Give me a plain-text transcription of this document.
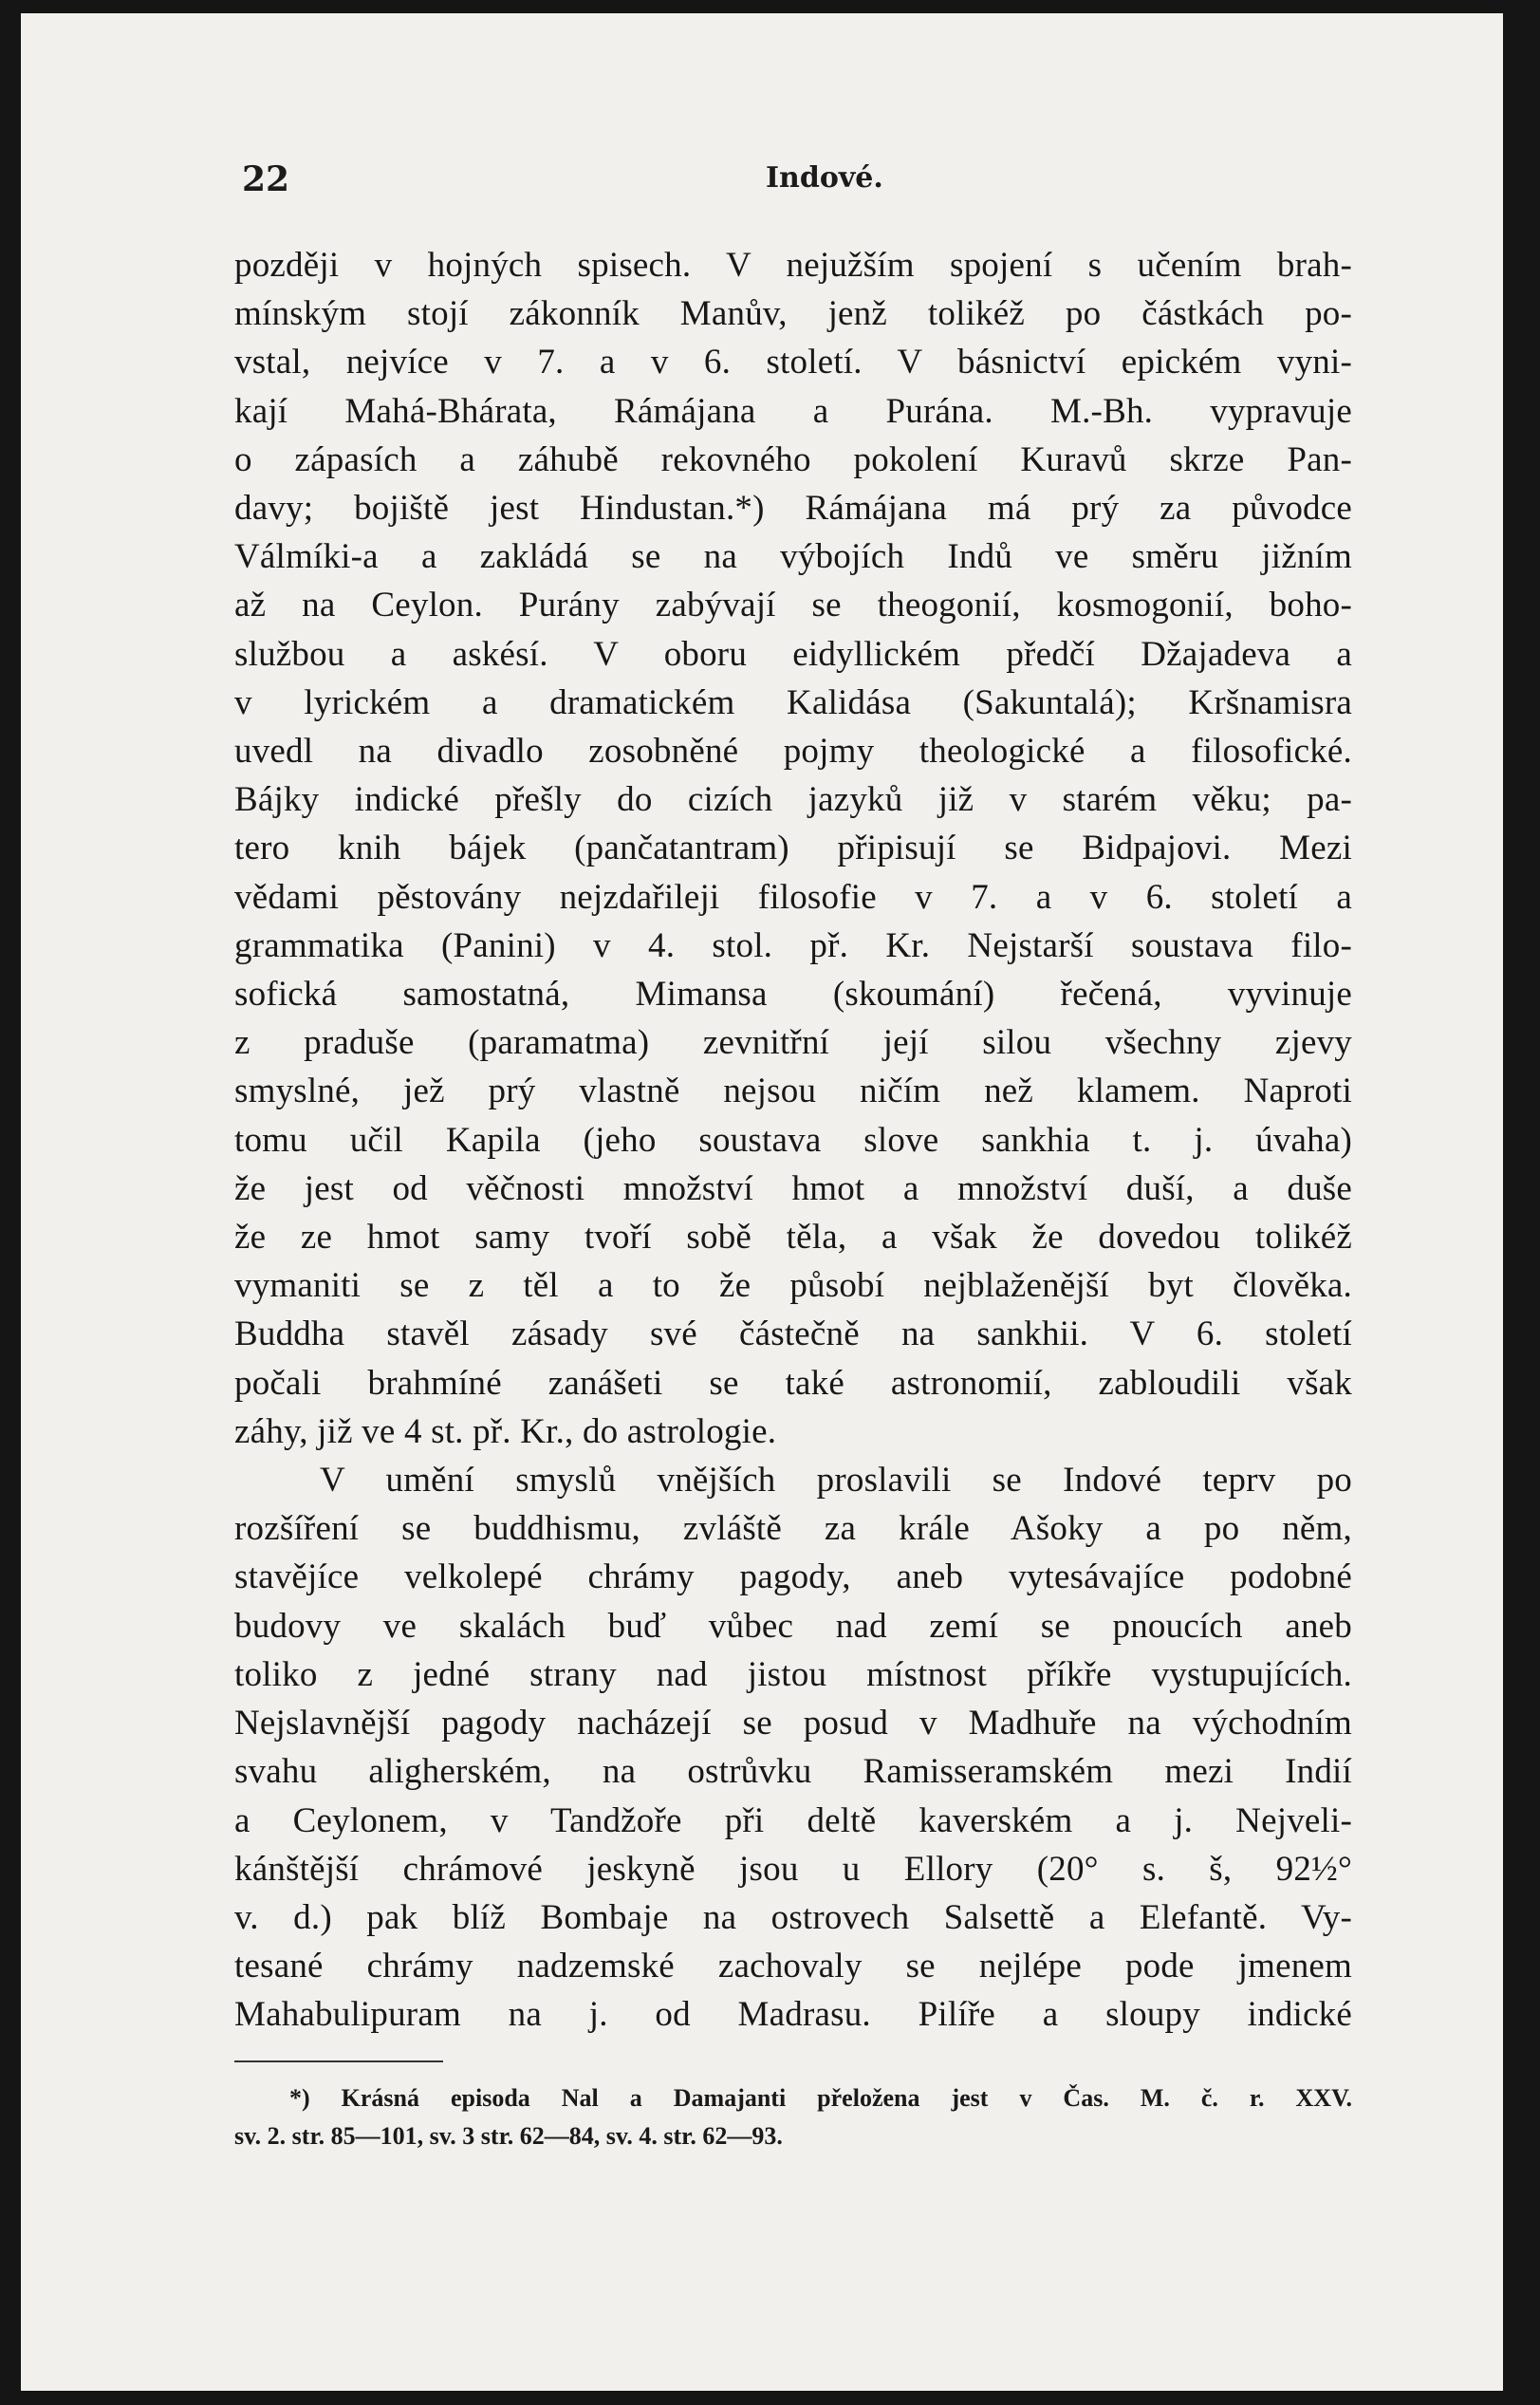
22	Indové.

později v hojných spisech. V nejužším spojení s učením brah-
mínským stojí zákonník Manův, jenž tolikéž po částkách po-
vstal, nejvíce v 7. a v 6. století. V básnictví epickém vyni-
kají Mahá-Bhárata, Rámájana a Purána. M.-Bh. vypravuje
o zápasích a záhubě rekovného pokolení Kuravů skrze Pan-
davy; bojiště jest Hindustan.*) Rámájana má prý za původce
Válmíki-a a zakládá se na výbojích Indů ve směru jižním
až na Ceylon. Purány zabývají se theogonií, kosmogonií, boho-
službou a askésí. V oboru eidyllickém předčí Džajadeva a
v lyrickém a dramatickém Kalidása (Sakuntalá); Kršnamisra
uvedl na divadlo zosobněné pojmy theologické a filosofické.
Bájky indické přešly do cizích jazyků již v starém věku; pa-
tero knih bájek (pančatantram) připisují se Bidpajovi. Mezi
vědami pěstovány nejzdařileji filosofie v 7. a v 6. století a
grammatika (Panini) v 4. stol. př. Kr. Nejstarší soustava filo-
sofická samostatná, Mimansa (skoumání) řečená, vyvinuje
z praduše (paramatma) zevnitřní její silou všechny zjevy
smyslné, jež prý vlastně nejsou ničím než klamem. Naproti
tomu učil Kapila (jeho soustava slove sankhia t. j. úvaha)
že jest od věčnosti množství hmot a množství duší, a duše
že ze hmot samy tvoří sobě těla, a však že dovedou tolikéž
vymaniti se z těl a to že působí nejblaženější byt člověka.
Buddha stavěl zásady své částečně na sankhii. V 6. století
počali brahmíné zanášeti se také astronomií, zabloudili však
záhy, již ve 4 st. př. Kr., do astrologie.

V umění smyslů vnějších proslavili se Indové teprv po
rozšíření se buddhismu, zvláště za krále Ašoky a po něm,
stavějíce velkolepé chrámy pagody, aneb vytesávajíce podobné
budovy ve skalách buď vůbec nad zemí se pnoucích aneb
toliko z jedné strany nad jistou místnost příkře vystupujících.
Nejslavnější pagody nacházejí se posud v Madhuře na východním
svahu aligherském, na ostrůvku Ramisseramském mezi Indií
a Ceylonem, v Tandžoře při deltě kaverském a j. Nejveli-
kánštější chrámové jeskyně jsou u Ellory (20° s. š, 92½°
v. d.) pak blíž Bombaje na ostrovech Salsettě a Elefantě. Vy-
tesané chrámy nadzemské zachovaly se nejlépe pode jmenem
Mahabulipuram na j. od Madrasu. Pilíře a sloupy indické

*) Krásná episoda Nal a Damajanti přeložena jest v Čas. M. č. r. XXV.
sv. 2. str. 85—101, sv. 3 str. 62—84, sv. 4. str. 62—93.
